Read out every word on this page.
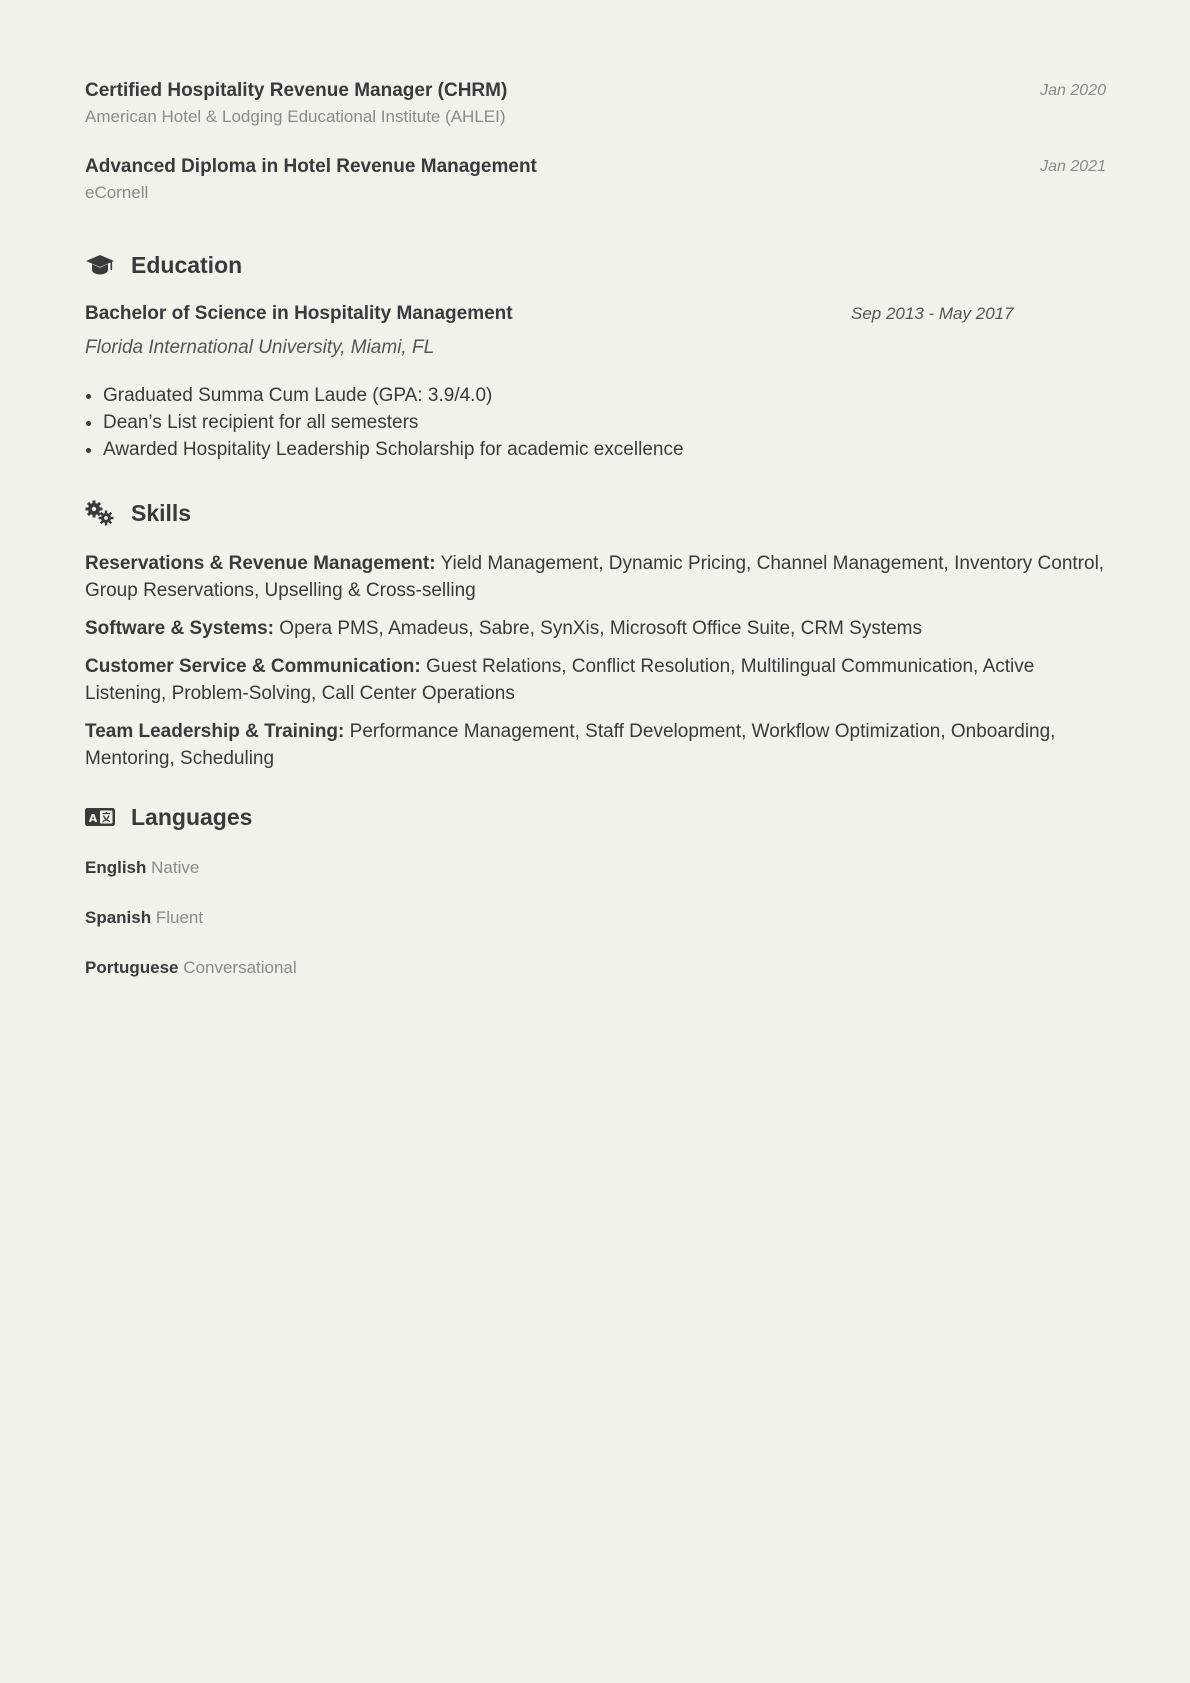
Certified Hospitality Revenue Manager (CHRM)
American Hotel & Lodging Educational Institute (AHLEI)
Jan 2020
Advanced Diploma in Hotel Revenue Management
eCornell
Jan 2021
Education
Bachelor of Science in Hospitality Management	Sep 2013 - May 2017
Florida International University, Miami, FL
• Graduated Summa Cum Laude (GPA: 3.9/4.0)
• Dean’s List recipient for all semesters
• Awarded Hospitality Leadership Scholarship for academic excellence
Skills
Reservations & Revenue Management: Yield Management, Dynamic Pricing, Channel Management, Inventory Control, Group Reservations, Upselling & Cross-selling
Software & Systems: Opera PMS, Amadeus, Sabre, SynXis, Microsoft Office Suite, CRM Systems
Customer Service & Communication: Guest Relations, Conflict Resolution, Multilingual Communication, Active Listening, Problem-Solving, Call Center Operations
Team Leadership & Training: Performance Management, Staff Development, Workflow Optimization, Onboarding, Mentoring, Scheduling
A Languages
English Native
Spanish Fluent
Portuguese Conversational
